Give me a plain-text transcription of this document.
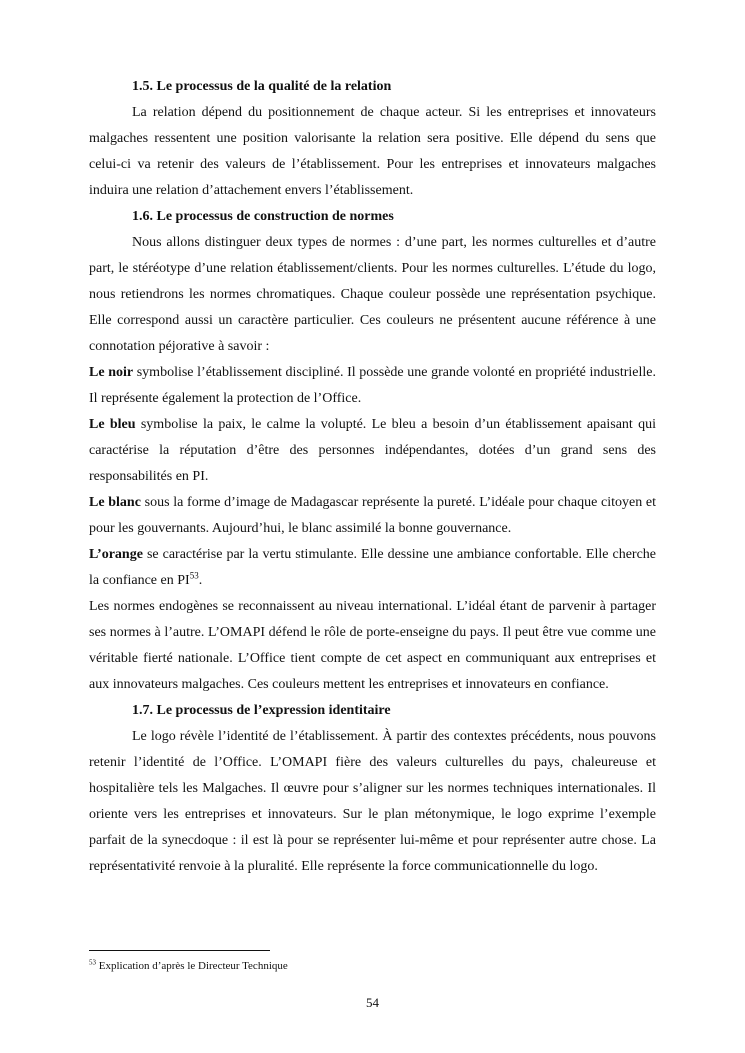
1.5. Le processus de la qualité de la relation

La relation dépend du positionnement de chaque acteur. Si les entreprises et innovateurs malgaches ressentent une position valorisante la relation sera positive. Elle dépend du sens que celui-ci va retenir des valeurs de l’établissement. Pour les entreprises et innovateurs malgaches induira une relation d’attachement envers l’établissement.

1.6. Le processus de construction de normes

Nous allons distinguer deux types de normes : d’une part, les normes culturelles et d’autre part, le stéréotype d’une relation établissement/clients. Pour les normes culturelles. L’étude du logo, nous retiendrons les normes chromatiques. Chaque couleur possède une représentation psychique. Elle correspond aussi un caractère particulier. Ces couleurs ne présentent aucune référence à une connotation péjorative à savoir :

Le noir symbolise l’établissement discipliné. Il possède une grande volonté en propriété industrielle. Il représente également la protection de l’Office.

Le bleu symbolise la paix, le calme la volupté. Le bleu a besoin d’un établissement apaisant qui caractérise la réputation d’être des personnes indépendantes, dotées d’un grand sens des responsabilités en PI.

Le blanc sous la forme d’image de Madagascar représente la pureté. L’idéale pour chaque citoyen et pour les gouvernants. Aujourd’hui, le blanc assimilé la bonne gouvernance.

L’orange se caractérise par la vertu stimulante. Elle dessine une ambiance confortable. Elle cherche la confiance en PI$^{53}$.

Les normes endogènes se reconnaissent au niveau international. L’idéal étant de parvenir à partager ses normes à l’autre. L’OMAPI défend le rôle de porte-enseigne du pays. Il peut être vue comme une véritable fierté nationale. L’Office tient compte de cet aspect en communiquant aux entreprises et aux innovateurs malgaches. Ces couleurs mettent les entreprises et innovateurs en confiance.

1.7. Le processus de l’expression identitaire

Le logo révèle l’identité de l’établissement. À partir des contextes précédents, nous pouvons retenir l’identité de l’Office. L’OMAPI fière des valeurs culturelles du pays, chaleureuse et hospitalière tels les Malgaches. Il œuvre pour s’aligner sur les normes techniques internationales. Il oriente vers les entreprises et innovateurs. Sur le plan métonymique, le logo exprime l’exemple parfait de la synecdoque : il est là pour se représenter lui-même et pour représenter autre chose. La représentativité renvoie à la pluralité. Elle représente la force communicationnelle du logo.

$^{53}$ Explication d’après le Directeur Technique
54
